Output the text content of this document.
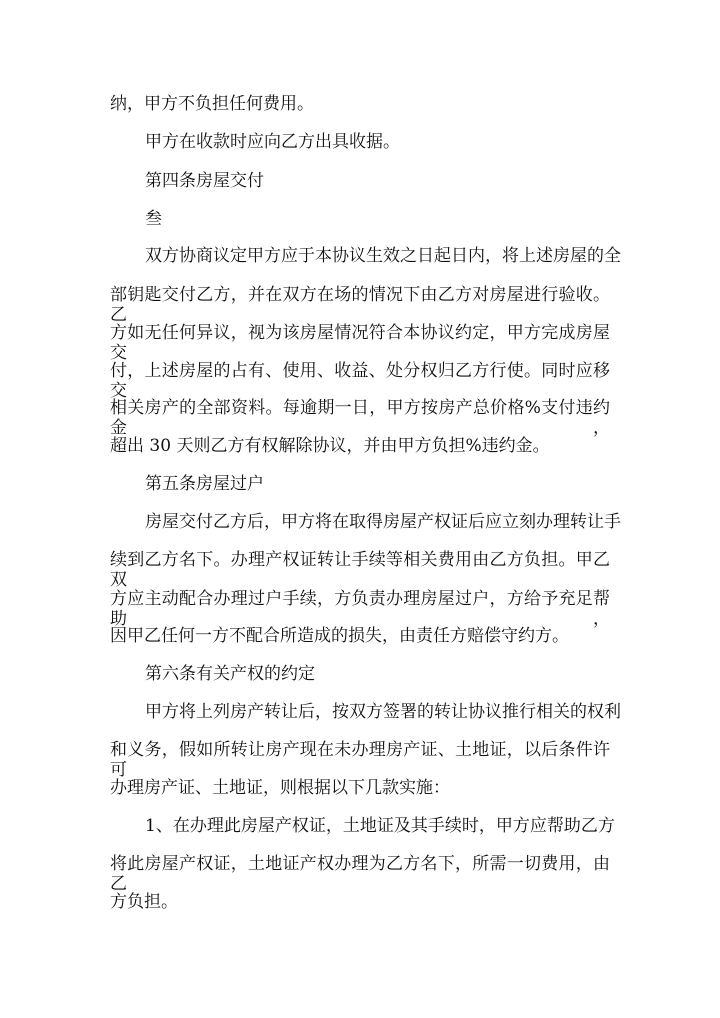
纳，甲方不负担任何费用。
甲方在收款时应向乙方出具收据。
第四条房屋交付
叁
双方协商议定甲方应于本协议生效之日起日内，将上述房屋的全
部钥匙交付乙方，并在双方在场的情况下由乙方对房屋进行验收。乙
方如无任何异议，视为该房屋情况符合本协议约定，甲方完成房屋交
付，上述房屋的占有、使用、收益、处分权归乙方行使。同时应移交
相关房产的全部资料。每逾期一日，甲方按房产总价格%支付违约金，
超出 30 天则乙方有权解除协议，并由甲方负担%违约金。
第五条房屋过户
房屋交付乙方后，甲方将在取得房屋产权证后应立刻办理转让手
续到乙方名下。办理产权证转让手续等相关费用由乙方负担。甲乙双
方应主动配合办理过户手续，方负责办理房屋过户，方给予充足帮助，
因甲乙任何一方不配合所造成的损失，由责任方赔偿守约方。
第六条有关产权的约定
甲方将上列房产转让后，按双方签署的转让协议推行相关的权利
和义务，假如所转让房产现在未办理房产证、土地证，以后条件许可
办理房产证、土地证，则根据以下几款实施：
1、在办理此房屋产权证，土地证及其手续时，甲方应帮助乙方
将此房屋产权证，土地证产权办理为乙方名下，所需一切费用，由乙
方负担。
